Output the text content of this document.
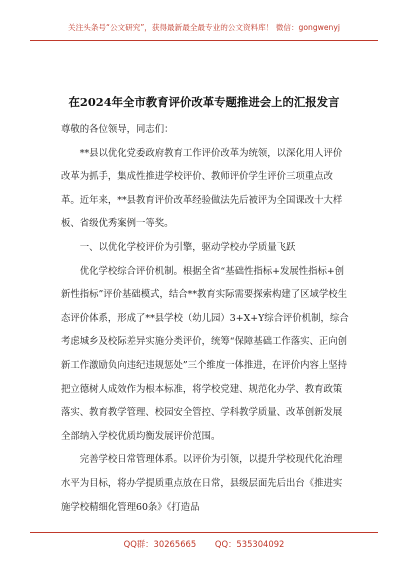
关注头条号“公文研究”，获得最新最全最专业的公文资料库！ 微信：gongwenyj
在2024年全市教育评价改革专题推进会上的汇报发言

尊敬的各位领导，同志们：

**县以优化党委政府教育工作评价改革为统领，以深化用人评价改革为抓手，集成性推进学校评价、教师评价学生评价三项重点改革。近年来，**县教育评价改革经验做法先后被评为全国课改十大样板、省级优秀案例一等奖。

一、以优化学校评价为引擎，驱动学校办学质量飞跃

优化学校综合评价机制。根据全省“基础性指标+发展性指标+创新性指标”评价基础模式，结合**教育实际需要探索构建了区域学校生态评价体系，形成了**县学校（幼儿园）3+X+Y综合评价机制，综合考虑城乡及校际差异实施分类评价，统筹“保障基础工作落实、正向创新工作激励负向违纪违规惩处”三个维度一体推进，在评价内容上坚持把立德树人成效作为根本标准，将学校党建、规范化办学、教育政策落实、教育教学管理、校园安全管控、学科教学质量、改革创新发展全部纳入学校优质均衡发展评价范围。

完善学校日常管理体系。以评价为引领，以提升学校现代化治理水平为目标，将办学提质重点放在日常，县级层面先后出台《推进实施学校精细化管理60条》《打造品

QQ群：30265665 QQ：535304092
